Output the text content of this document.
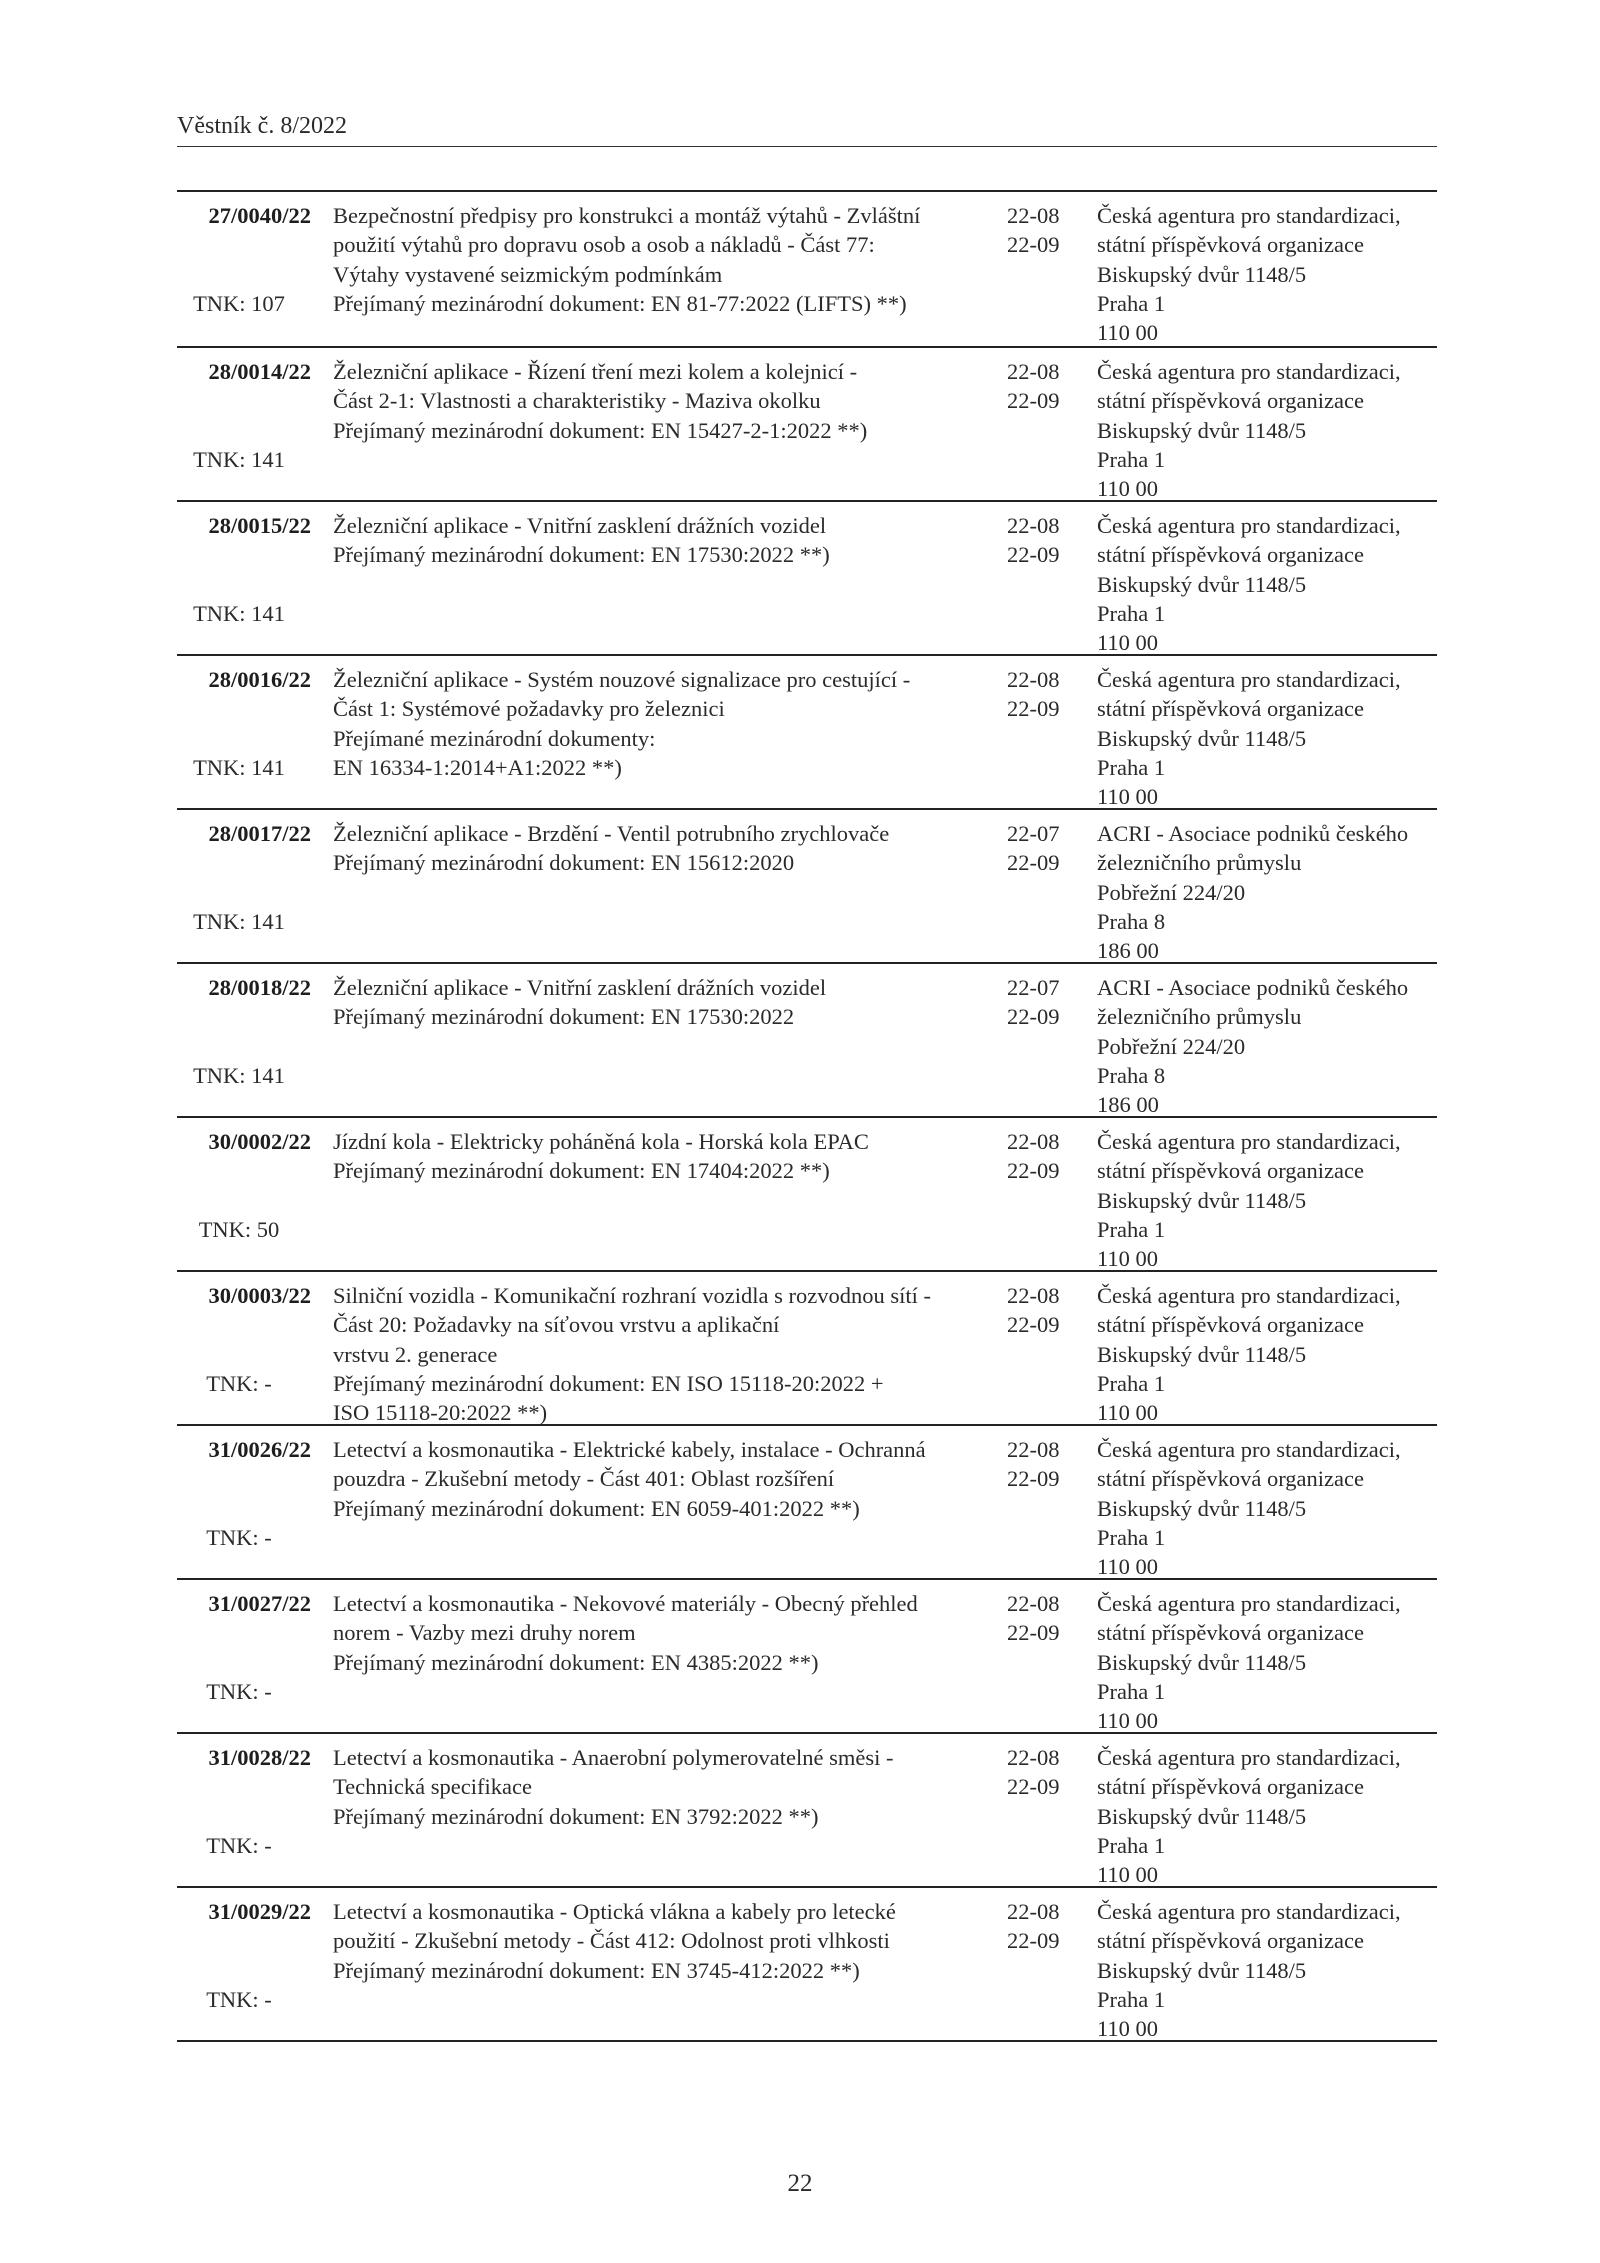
Věstník č. 8/2022
27/0040/22
TNK: 107
Bezpečnostní předpisy pro konstrukci a montáž výtahů - Zvláštní
použití výtahů pro dopravu osob a osob a nákladů - Část 77:
Výtahy vystavené seizmickým podmínkám
Přejímaný mezinárodní dokument: EN 81-77:2022 (LIFTS) **)
22-08
22-09
Česká agentura pro standardizaci,
státní příspěvková organizace
Biskupský dvůr 1148/5
Praha 1
110 00
28/0014/22
TNK: 141
Železniční aplikace - Řízení tření mezi kolem a kolejnicí -
Část 2-1: Vlastnosti a charakteristiky - Maziva okolku
Přejímaný mezinárodní dokument: EN 15427-2-1:2022 **)
22-08
22-09
Česká agentura pro standardizaci,
státní příspěvková organizace
Biskupský dvůr 1148/5
Praha 1
110 00
28/0015/22
TNK: 141
Železniční aplikace - Vnitřní zasklení drážních vozidel
Přejímaný mezinárodní dokument: EN 17530:2022 **)
22-08
22-09
Česká agentura pro standardizaci,
státní příspěvková organizace
Biskupský dvůr 1148/5
Praha 1
110 00
28/0016/22
TNK: 141
Železniční aplikace - Systém nouzové signalizace pro cestující -
Část 1: Systémové požadavky pro železnici
Přejímané mezinárodní dokumenty:
EN 16334-1:2014+A1:2022 **)
22-08
22-09
Česká agentura pro standardizaci,
státní příspěvková organizace
Biskupský dvůr 1148/5
Praha 1
110 00
28/0017/22
TNK: 141
Železniční aplikace - Brzdění - Ventil potrubního zrychlovače
Přejímaný mezinárodní dokument: EN 15612:2020
22-07
22-09
ACRI - Asociace podniků českého
železničního průmyslu
Pobřežní 224/20
Praha 8
186 00
28/0018/22
TNK: 141
Železniční aplikace - Vnitřní zasklení drážních vozidel
Přejímaný mezinárodní dokument: EN 17530:2022
22-07
22-09
ACRI - Asociace podniků českého
železničního průmyslu
Pobřežní 224/20
Praha 8
186 00
30/0002/22
TNK: 50
Jízdní kola - Elektricky poháněná kola - Horská kola EPAC
Přejímaný mezinárodní dokument: EN 17404:2022 **)
22-08
22-09
Česká agentura pro standardizaci,
státní příspěvková organizace
Biskupský dvůr 1148/5
Praha 1
110 00
30/0003/22
TNK: -
Silniční vozidla - Komunikační rozhraní vozidla s rozvodnou sítí -
Část 20: Požadavky na síťovou vrstvu a aplikační
vrstvu 2. generace
Přejímaný mezinárodní dokument: EN ISO 15118-20:2022 +
ISO 15118-20:2022 **)
22-08
22-09
Česká agentura pro standardizaci,
státní příspěvková organizace
Biskupský dvůr 1148/5
Praha 1
110 00
31/0026/22
TNK: -
Letectví a kosmonautika - Elektrické kabely, instalace - Ochranná
pouzdra - Zkušební metody - Část 401: Oblast rozšíření
Přejímaný mezinárodní dokument: EN 6059-401:2022 **)
22-08
22-09
Česká agentura pro standardizaci,
státní příspěvková organizace
Biskupský dvůr 1148/5
Praha 1
110 00
31/0027/22
TNK: -
Letectví a kosmonautika - Nekovové materiály - Obecný přehled
norem - Vazby mezi druhy norem
Přejímaný mezinárodní dokument: EN 4385:2022 **)
22-08
22-09
Česká agentura pro standardizaci,
státní příspěvková organizace
Biskupský dvůr 1148/5
Praha 1
110 00
31/0028/22
TNK: -
Letectví a kosmonautika - Anaerobní polymerovatelné směsi -
Technická specifikace
Přejímaný mezinárodní dokument: EN 3792:2022 **)
22-08
22-09
Česká agentura pro standardizaci,
státní příspěvková organizace
Biskupský dvůr 1148/5
Praha 1
110 00
31/0029/22
TNK: -
Letectví a kosmonautika - Optická vlákna a kabely pro letecké
použití - Zkušební metody - Část 412: Odolnost proti vlhkosti
Přejímaný mezinárodní dokument: EN 3745-412:2022 **)
22-08
22-09
Česká agentura pro standardizaci,
státní příspěvková organizace
Biskupský dvůr 1148/5
Praha 1
110 00
22
